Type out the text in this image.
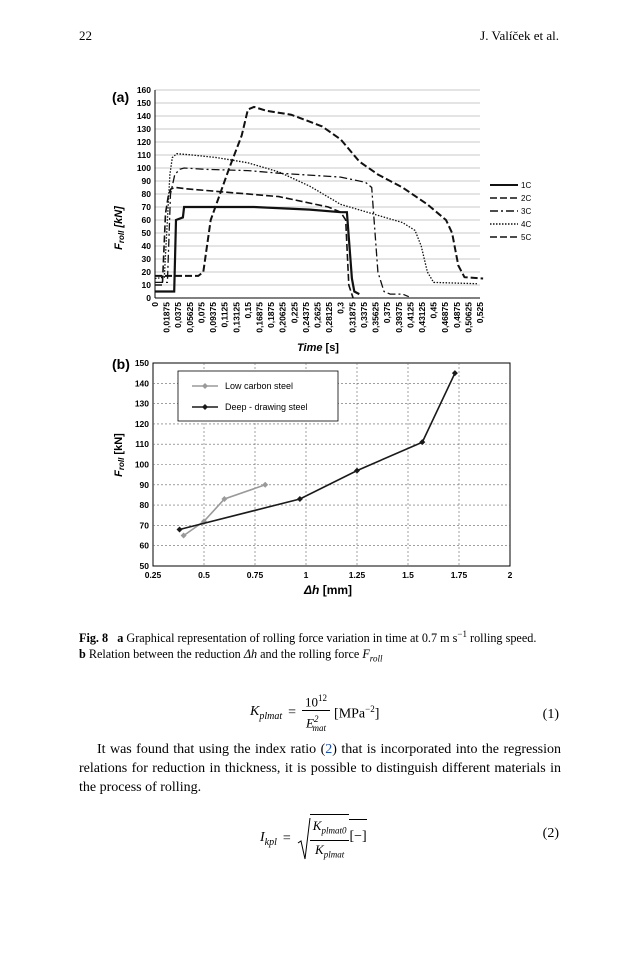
22	J. Valíček et al.
(a)
0
10
20
30
40
50
60
70
80
90
100
110
120
130
140
150
160
0 0,01875 0,0375 0,05625 0,075 0,09375 0,1125 0,13125 0,15 0,16875 0,1875 0,20625 0,225 0,24375 0,2625 0,28125 0,3 0,31875 0,3375 0,35625 0,375 0,39375 0,4125 0,43125 0,45 0,46875 0,4875 0,50625 0,525
1C
2C
3C
4C
5C
Froll [kN]
Time [s]
(b)
50
60
70
80
90
100
110
120
130
140
150
0.25	0.5	0.75	1	1.25	1.5	1.75	2
Low carbon steel
Deep - drawing steel
Froll [kN]
Δh [mm]
Fig. 8 a Graphical representation of rolling force variation in time at 0.7 m $s^{-1}$ rolling speed.
b Relation between the reduction Δh and the rolling force $F_{roll}$
$K_{plmat}$ =
$10^{12}$
$E^2_{mat}$
[MPa$^{-2}$]	(1)
It was found that using the index ratio (2) that is incorporated into the regression relations for reduction in thickness, it is possible to distinguish different materials in the process of rolling.
$I_{kpl}$ =
$K_{plmat0}$
$K_{plmat}$
[−]	(2)
